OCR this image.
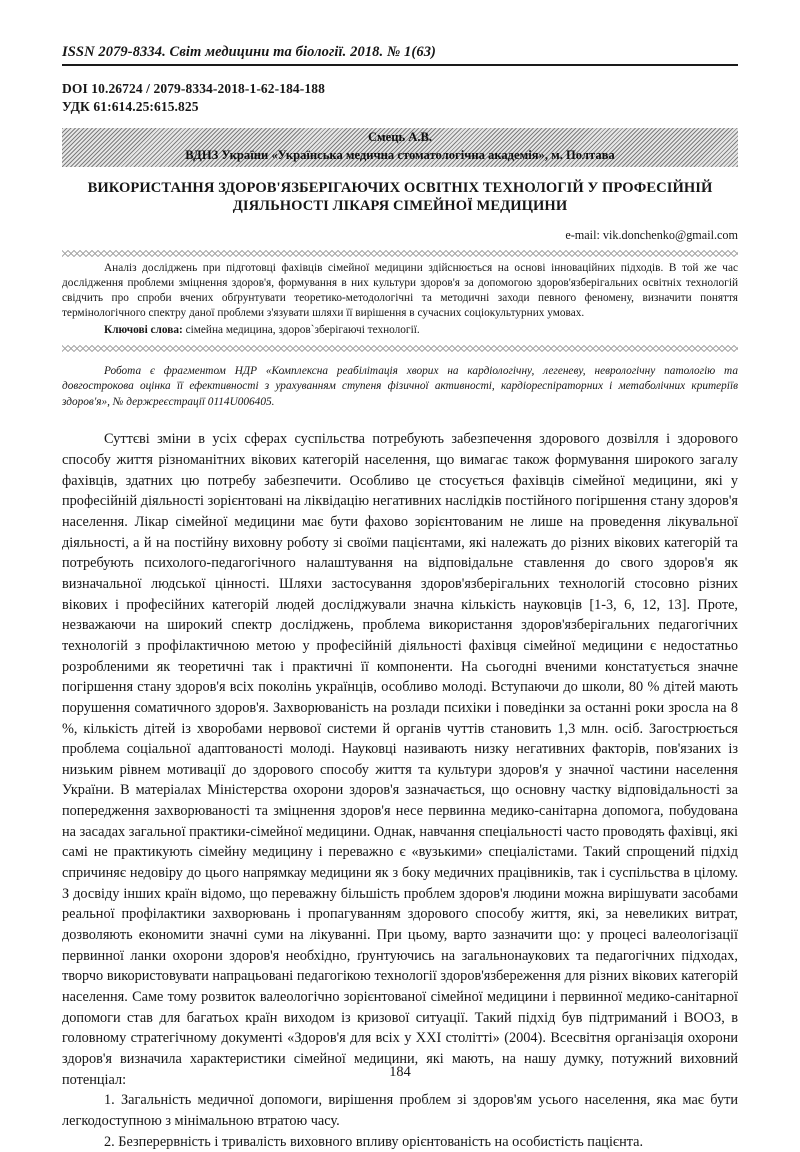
ISSN 2079-8334. Світ медицини та біології. 2018. № 1(63)
DOI 10.26724 / 2079-8334-2018-1-62-184-188
УДК 61:614.25:615.825
Смець А.В.
ВДНЗ України «Українська медична стоматологічна академія», м. Полтава
ВИКОРИСТАННЯ ЗДОРОВ'ЯЗБЕРІГАЮЧИХ ОСВІТНІХ ТЕХНОЛОГІЙ У ПРОФЕСІЙНІЙ
ДІЯЛЬНОСТІ ЛІКАРЯ СІМЕЙНОЇ МЕДИЦИНИ
e-mail: vik.donchenko@gmail.com
Аналіз досліджень при підготовці фахівців сімейної медицини здійснюється на основі інноваційних підходів. В той же час дослідження проблеми зміцнення здоров'я, формування в них культури здоров'я за допомогою здоров'язберігальних освітніх технологій свідчить про спроби вчених обґрунтувати теоретико-методологічні та методичні заходи певного феномену, визначити поняття термінологічного спектру даної проблеми з'язувати шляхи її вирішення в сучасних соціокультурних умовах.
Ключові слова: сімейна медицина, здоров`зберігаючі технології.
Робота є фрагментом НДР «Комплексна реабілітація хворих на кардіологічну, легеневу, неврологічну патологію та довгострокова оцінка її ефективності з урахуванням ступеня фізичної активності, кардіореспіраторних і метаболічних критеріїв здоров'я», № держреєстрації 0114U006405.

Суттєві зміни в усіх сферах суспільства потребують забезпечення здорового дозвілля і здорового способу життя різноманітних вікових категорій населення, що вимагає також формування широкого загалу фахівців, здатних цю потребу забезпечити. Особливо це стосується фахівців сімейної медицини, які у професійній діяльності зорієнтовані на ліквідацію негативних наслідків постійного погіршення стану здоров'я населення. Лікар сімейної медицини має бути фахово зорієнтованим не лише на проведення лікувальної діяльності, а й на постійну виховну роботу зі своїми пацієнтами, які належать до різних вікових категорій та потребують психолого-педагогічного налаштування на відповідальне ставлення до свого здоров'я як визначальної людської цінності. Шляхи застосування здоров'язберігальних технологій стосовно різних вікових і професійних категорій людей досліджували значна кількість науковців [1-3, 6, 12, 13]. Проте, незважаючи на широкий спектр досліджень, проблема використання здоров'язберігальних педагогічних технологій з профілактичною метою у професійній діяльності фахівця сімейної медицини є недостатньо розробленими як теоретичні так і практичні її компоненти. На сьогодні вченими констатується значне погіршення стану здоров'я всіх поколінь українців, особливо молоді. Вступаючи до школи, 80 % дітей мають порушення соматичного здоров'я. Захворюваність на розлади психіки і поведінки за останні роки зросла на 8 %, кількість дітей із хворобами нервової системи й органів чуттів становить 1,3 млн. осіб. Загострюється проблема соціальної адаптованості молоді. Науковці називають низку негативних факторів, пов'язаних із низьким рівнем мотивації до здорового способу життя та культури здоров'я у значної частини населення України. В матеріалах Міністерства охорони здоров'я зазначається, що основну частку відповідальності за попередження захворюваності та зміцнення здоров'я несе первинна медико-санітарна допомога, побудована на засадах загальної практики-сімейної медицини. Однак, навчання спеціальності часто проводять фахівці, які самі не практикують сімейну медицину і переважно є «вузькими» спеціалістами. Такий спрощений підхід спричиняє недовіру до цього напрямкау медицини як з боку медичних працівників, так і суспільства в цілому. З досвіду інших країн відомо, що переважну більшість проблем здоров'я людини можна вирішувати засобами реальної профілактики захворювань і пропагуванням здорового способу життя, які, за невеликих витрат, дозволяють економити значні суми на лікуванні. При цьому, варто зазначити що: у процесі валеологізації первинної ланки охорони здоров'я необхідно, ґрунтуючись на загальнонаукових та педагогічних підходах, творчо використовувати напрацьовані педагогікою технології здоров'язбереження для різних вікових категорій населення. Саме тому розвиток валеологічно зорієнтованої сімейної медицини і первинної медико-санітарної допомоги став для багатьох країн виходом із кризової ситуації. Такий підхід був підтриманий і ВООЗ, в головному стратегічному документі «Здоров'я для всіх у XXI столітті» (2004). Всесвітня організація охорони здоров'я визначила характеристики сімейної медицини, які мають, на нашу думку, потужний виховний потенціал:

1. Загальність медичної допомоги, вирішення проблем зі здоров'ям усього населення, яка має бути легкодоступною з мінімальною втратою часу.

2. Безперервність і тривалість виховного впливу орієнтованість на особистість пацієнта.

184
